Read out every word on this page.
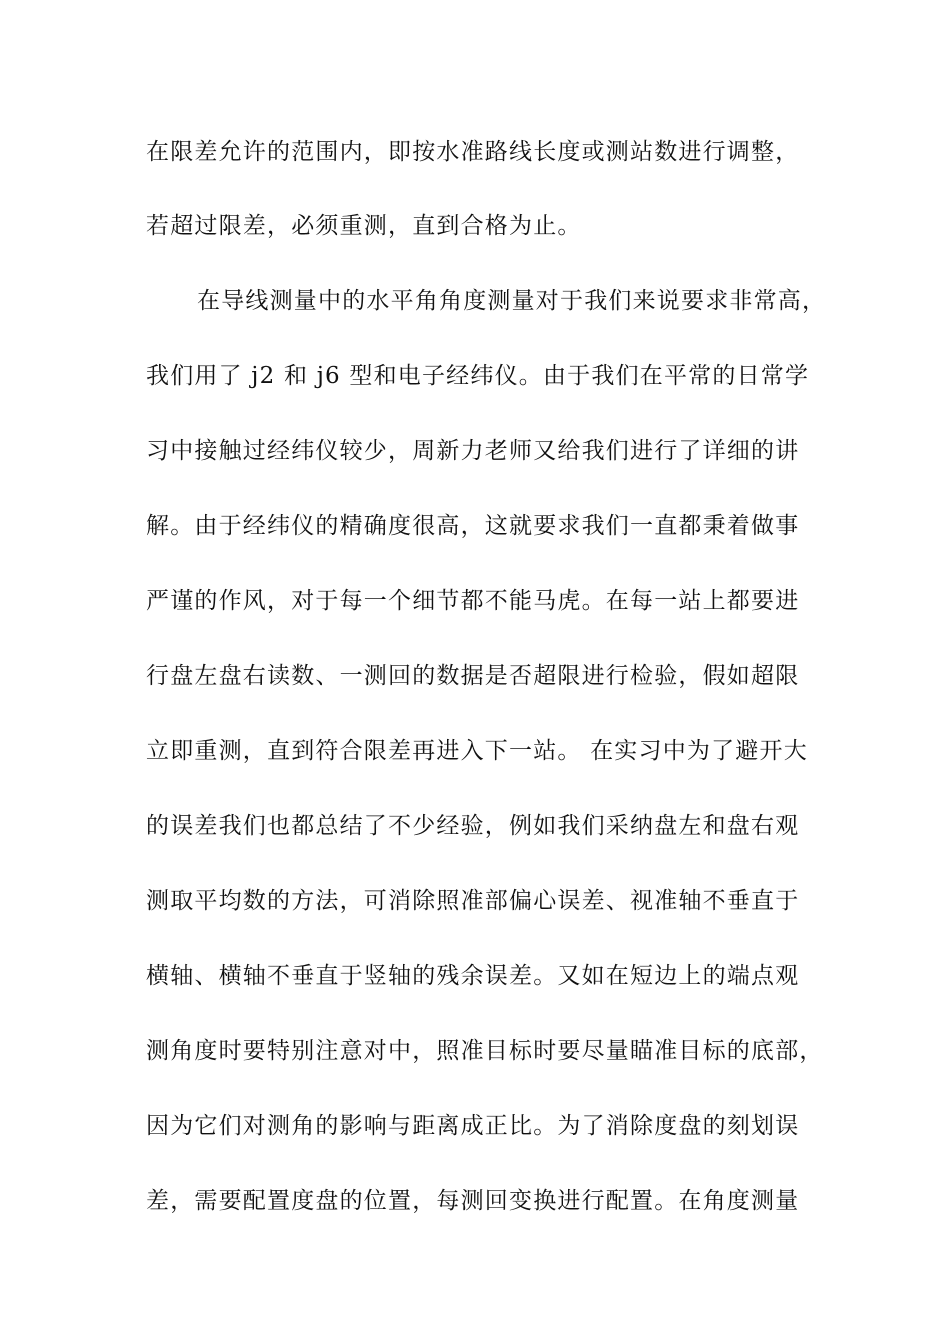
在限差允许的范围内，即按水准路线长度或测站数进行调整，
若超过限差，必须重测，直到合格为止。
在导线测量中的水平角角度测量对于我们来说要求非常高，
我们用了 j2 和 j6 型和电子经纬仪。由于我们在平常的日常学
习中接触过经纬仪较少，周新力老师又给我们进行了详细的讲
解。由于经纬仪的精确度很高，这就要求我们一直都秉着做事
严谨的作风，对于每一个细节都不能马虎。在每一站上都要进
行盘左盘右读数、一测回的数据是否超限进行检验，假如超限
立即重测，直到符合限差再进入下一站。 在实习中为了避开大
的误差我们也都总结了不少经验，例如我们采纳盘左和盘右观
测取平均数的方法，可消除照准部偏心误差、视准轴不垂直于
横轴、横轴不垂直于竖轴的残余误差。又如在短边上的端点观
测角度时要特别注意对中，照准目标时要尽量瞄准目标的底部，
因为它们对测角的影响与距离成正比。为了消除度盘的刻划误
差，需要配置度盘的位置，每测回变换进行配置。在角度测量
